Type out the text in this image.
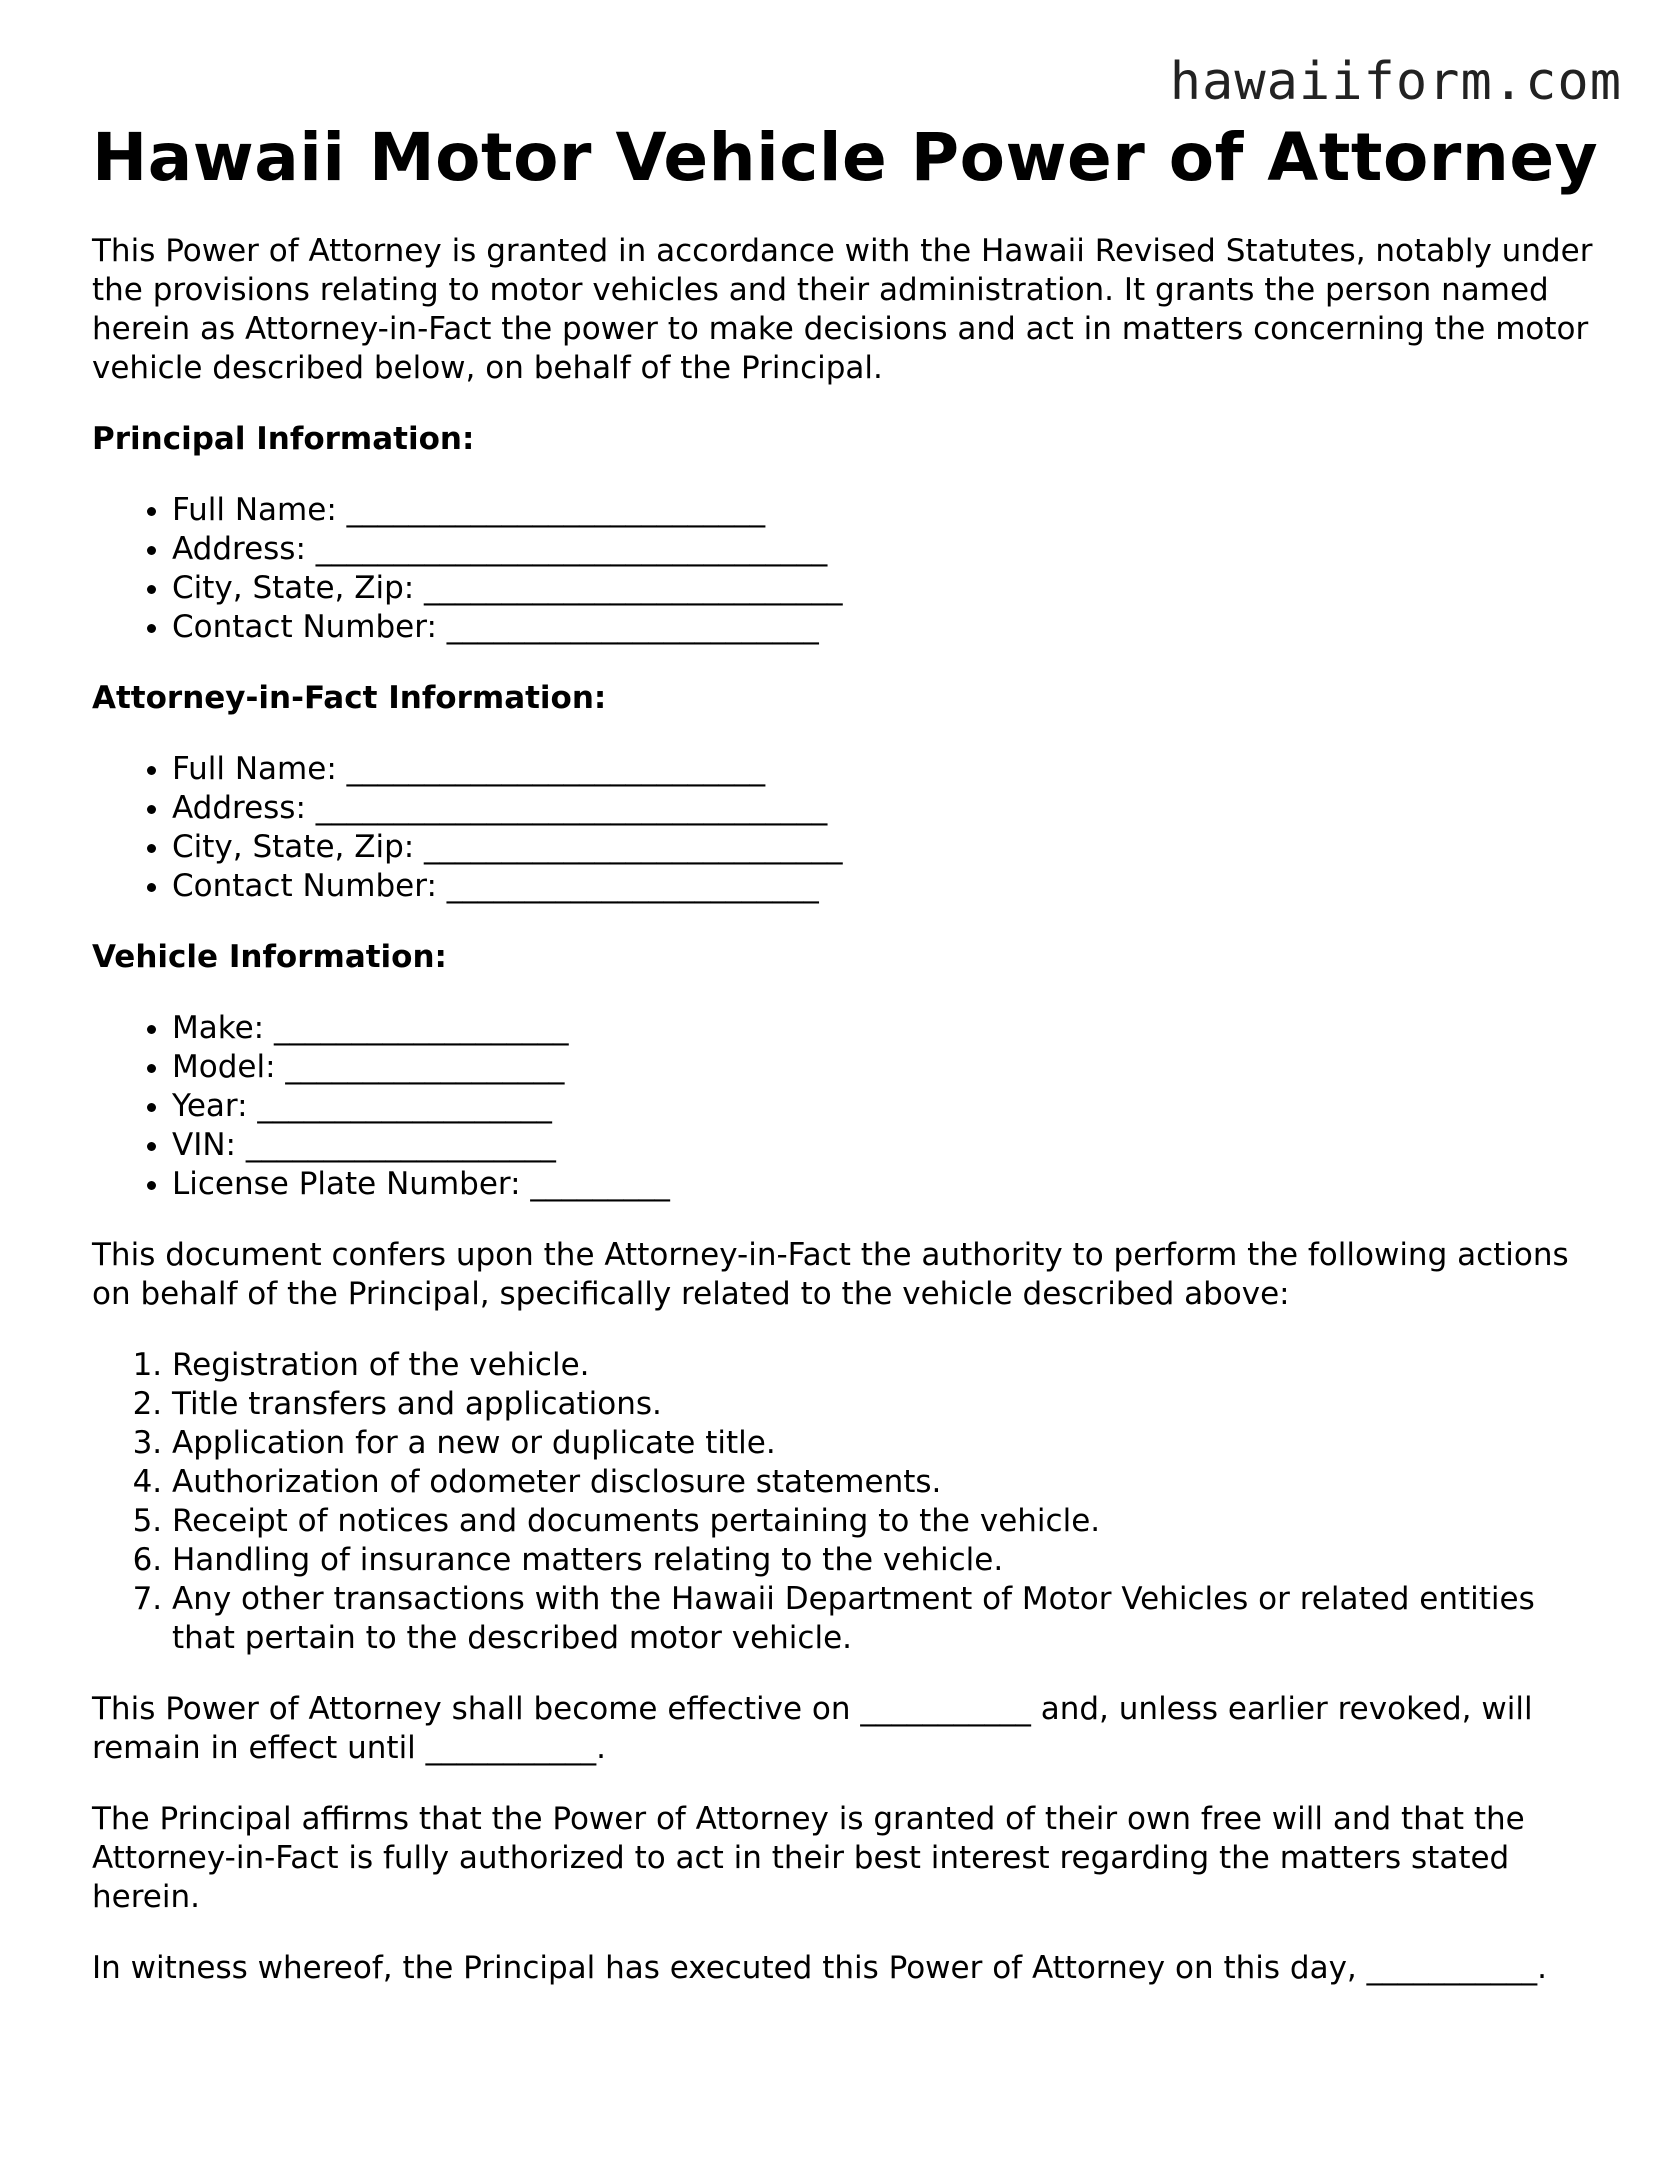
hawaiiform.com
Hawaii Motor Vehicle Power of Attorney

This Power of Attorney is granted in accordance with the Hawaii Revised Statutes, notably under the provisions relating to motor vehicles and their administration. It grants the person named herein as Attorney-in-Fact the power to make decisions and act in matters concerning the motor vehicle described below, on behalf of the Principal.

Principal Information:

• Full Name: ___________________________
• Address: _________________________________
• City, State, Zip: ___________________________
• Contact Number: ________________________

Attorney-in-Fact Information:

• Full Name: ___________________________
• Address: _________________________________
• City, State, Zip: ___________________________
• Contact Number: ________________________

Vehicle Information:

• Make: ___________________
• Model: __________________
• Year: ___________________
• VIN: ____________________
• License Plate Number: _________

This document confers upon the Attorney-in-Fact the authority to perform the following actions on behalf of the Principal, specifically related to the vehicle described above:

1. Registration of the vehicle.
2. Title transfers and applications.
3. Application for a new or duplicate title.
4. Authorization of odometer disclosure statements.
5. Receipt of notices and documents pertaining to the vehicle.
6. Handling of insurance matters relating to the vehicle.
7. Any other transactions with the Hawaii Department of Motor Vehicles or related entities that pertain to the described motor vehicle.

This Power of Attorney shall become effective on ___________ and, unless earlier revoked, will remain in effect until ___________.

The Principal affirms that the Power of Attorney is granted of their own free will and that the Attorney-in-Fact is fully authorized to act in their best interest regarding the matters stated herein.

In witness whereof, the Principal has executed this Power of Attorney on this day, ___________.
